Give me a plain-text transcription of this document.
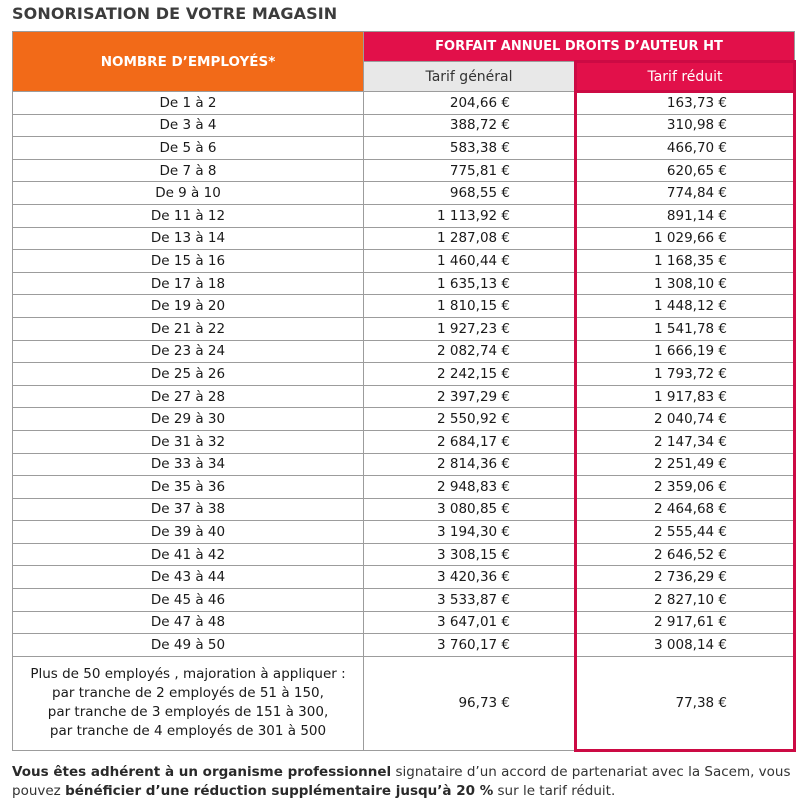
SONORISATION DE VOTRE MAGASIN
NOMBRE D’EMPLOYÉS*	FORFAIT ANNUEL DROITS D’AUTEUR HT	
	Tarif général	Tarif réduit
De 1 à 2	204,66 €	163,73 €
De 3 à 4	388,72 €	310,98 €
De 5 à 6	583,38 €	466,70 €
De 7 à 8	775,81 €	620,65 €
De 9 à 10	968,55 €	774,84 €
De 11 à 12	1 113,92 €	891,14 €
De 13 à 14	1 287,08 €	1 029,66 €
De 15 à 16	1 460,44 €	1 168,35 €
De 17 à 18	1 635,13 €	1 308,10 €
De 19 à 20	1 810,15 €	1 448,12 €
De 21 à 22	1 927,23 €	1 541,78 €
De 23 à 24	2 082,74 €	1 666,19 €
De 25 à 26	2 242,15 €	1 793,72 €
De 27 à 28	2 397,29 €	1 917,83 €
De 29 à 30	2 550,92 €	2 040,74 €
De 31 à 32	2 684,17 €	2 147,34 €
De 33 à 34	2 814,36 €	2 251,49 €
De 35 à 36	2 948,83 €	2 359,06 €
De 37 à 38	3 080,85 €	2 464,68 €
De 39 à 40	3 194,30 €	2 555,44 €
De 41 à 42	3 308,15 €	2 646,52 €
De 43 à 44	3 420,36 €	2 736,29 €
De 45 à 46	3 533,87 €	2 827,10 €
De 47 à 48	3 647,01 €	2 917,61 €
De 49 à 50	3 760,17 €	3 008,14 €

Plus de 50 employés , majoration à appliquer :
par tranche de 2 employés de 51 à 150,
par tranche de 3 employés de 151 à 300,
par tranche de 4 employés de 301 à 500	96,73 €	77,38 €
Vous êtes adhérent à un organisme professionnel signataire d’un accord de partenariat avec la Sacem, vous pouvez bénéficier d’une réduction supplémentaire jusqu’à 20 % sur le tarif réduit.
